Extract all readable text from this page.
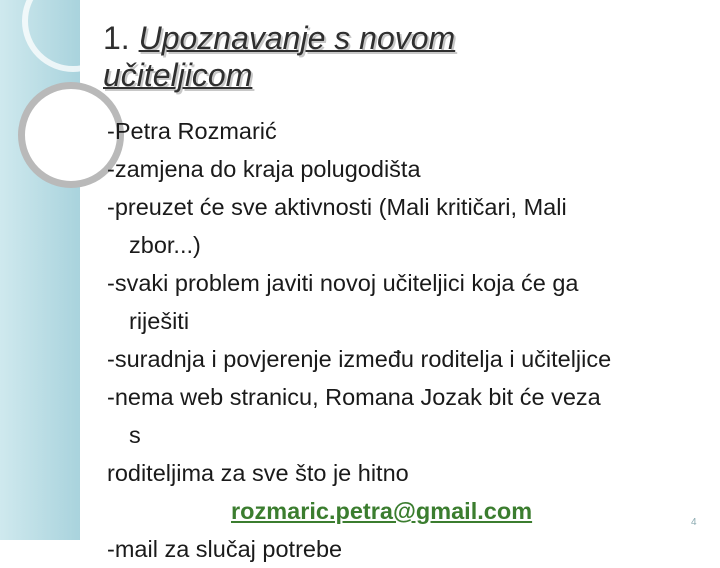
1. Upoznavanje s novom
učiteljicom
-Petra Rozmarić
-zamjena do kraja polugodišta
-preuzet će sve aktivnosti (Mali kritičari, Mali
zbor...)
-svaki problem javiti novoj učiteljici koja će ga
riješiti
-suradnja i povjerenje između roditelja i učiteljice
-nema web stranicu, Romana Jozak bit će veza
s
roditeljima za sve što je hitno
rozmaric.petra@gmail.com
-mail za slučaj potrebe
4
